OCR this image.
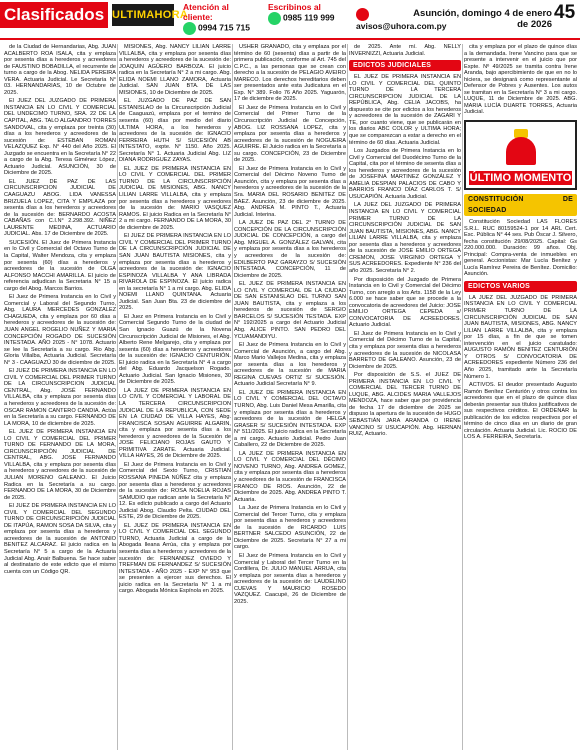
Clasificados ULTIMAHORA
Atención al cliente:
0994 715 715
Escribinos al
0985 119 999
avisos@uhora.com.py
Asunción, domingo 4 de enero de 2026
45

de la Ciudad de Hernandarias, Abg. JUAN ACALBERTO ROA ISALA, cita y emplaza por sesenta días a herederos y acreedores de FAUSTINO BOBADILLA, el recurrente de turno a cargo de la Abog. NELIDA PEREIRA VERA. Actuaria Judicial. Le Secretaría N° 03. HERNANDARIAS, 10 de Octubre de 2025.

El JUEZ DEL JUZGADO DE PRIMERA INSTANCIA EN LO CIVIL Y COMERCIAL DEL UNDECIMO TURNO, SRA. 22 DE LA CAPITAL, ABG. TALO ALGANDRO TORRES SANDOVAL, cita y emplaza por treinta (30) días a los herederos y acreedores de la sucesión de: ESTEBAN ROMAN VELAZQUEZ Exp. N° 440 del Año 2025. El Juzgado se encuentra en la Secretaría N° 22 a cargo de la Abg. Teresa Giménez López, Actuario Judicial. ASUNCIÓN, 30 de Diciembre de 2025.

EL JUEZ DE PAZ DE LAS CIRCUNSCRIPCION JUDICIAL DE CAAGUAZU ABOG. LIDA VANESSA BRIZUELA LOPEZ, CITA Y EMPLAZA por sesenta días a los herederos y acreedores de la sucesión de: BERNARDO ACOSTA CABAÑAS con C.I.N° 2.298.392. NIÑEZ LAURENTE MEDINA, ACTUARIO JUDICIAL. Abs. 17 de Diciembre de 2025.

SUCESIÓN. El Juez de Primera Instancia en lo Civil y Comercial del Octavo Turno de la Capital, Walter Mendoza, cita y emplaza por sesenta (60) días a herederos y acreedores de la sucesión de OLGA ALFONSO MACCHI AMARILLA. El juicio de referencia adjudican la Secretaria N° 15 a cargo del Abog. Marcos Barrios.

El Juez de Primera Instancia en lo Civil y Comercial y Laboral del Segundo Turno, Abg. LAURA MERCEDES GONZALEZ CHAGUEDA, cita y emplaza por 60 días a herederos y acreedores de la sucesión de: JUAN ANGEL ROGELIO NUÑEZ Y MARIA CONCEPCIÓN ROGADO DE SUCESIÓN INTESTADA. AÑO 2025 - N° 1078. Actuario se lee la Secretaría a su cargo. Rio Abg. Gloria Villalba, Actuaria Judicial. Secretaría N° 3 - CAAGUAZÚ 30 de diciembre de 2025.

El JUEZ DE PRIMERA INSTANCIA EN LO CIVIL Y COMERCIAL DEL PRIMER TURNO DE LA CIRCUNSCRIPCION JUDICIAL CENTRAL, Abg. JOSÉ FERNANDO VILLALBA, cita y emplaza por sesenta días a herederos y acreedores de la sucesión de: OSCAR RAMON CANTERO CANDIA. Actúa en la Secretaría a su cargo. FERNANDO DE LA MORA, 10 de diciembre de 2025.

EL JUEZ DE PRIMERA INSTANCIA EN LO CIVIL Y COMERCIAL DEL PRIMER TURNO DE FERNANDO DE LA MORA, CIRCUNSCRIPCIÓN JUDICIAL DE CENTRAL, ABG. JOSE FERNANDO VILLALBA, cita y emplaza por sesenta días a herederos y acreedores de la sucesión de JULIAN MORENO GALEANO. El Juicio Radica en la Secretaría a su cargo. FERNANDO DE LA MORA, 30 de Diciembre de 2025.

El JUEZ DE PRIMERA INSTANCIA EN LO CIVIL Y COMERCIAL DEL SEGUNDO TURNO DE CIRCUNSCRIPCIÓN JUDICIAL DE ITAPÚA, RAMON SOSA DA SILVA, cita y emplaza por sesenta días a herederos y acreedores de la sucesión de ANTONIO BENITEZ ALCARAZ. El juicio radica en la Secretaría N° 5 a cargo de la Actuaria Judicial Abg. Anair Balbuena. Se hace saber al destinatario de este edicto que el mismo cuenta con un Código QR.

MISIONES, Abg. NANCY LILIAN LARRE VILLALBA, cita y emplaza por sesenta días a herederos y acreedores de la sucesión de: JOAQUIN AGÜERO BARBOZA. El juicio radica en la Secretaría N° 2 a mi cargo. Abg. ELIDA NOEMI LLANO ZAMORA, Actuaria Judicial. SAN JUAN BTA. DE LAS MISIONES, 10 de Diciembre de 2025.

EL JUZGADO DE PAZ DE SAN ESTANISLAO de la Circunscripción Judicial de Caaguazú, emplaza por el termino de sesenta (60) días por medio del diario ULTIMA HORA, a los herederos y acreedores de la sucesión de: IGNACIO FERREIRA HUTH S/ SUCESIÓN AB INTESTATO, expte. N° 1150. Año 2025. Secretaría N° 1. Actuaria Judicial Abg. LIZ DIANA RODRIGUEZ ZAYAS.

EL JUEZ DE PRIMERA INSTANCIA EN LO CIVIL Y COMERCIAL DEL PRIMER TURNO DE LA CIRCUNSCRIPCIÓN JUDICIAL DE MISIONES, ABG. NANCY LILIAN LARRE VILLALBA, cita y emplaza por sesenta días a herederos y acreedores de la sucesión de: MARIO VASQUEZ RAMOS. El juicio Radica en la Secretaría N° 2 a mi cargo. FERNANDO DE LA MORA, 30 de diciembre de 2025.

El JUEZ DE PRIMERA INSTANCIA EN LO CIVIL Y COMERCIAL DEL PRIMER TURNO DE LA CIRCUNSCRIPCIÓN JUDICIAL DE SAN JUAN BAUTISTA MISIONES, cita y emplaza por sesenta días a herederos y acreedores de la sucesión de: IGNACIO ESPINOZA VILLALBA Y ANA LIBRADA RIVAROLA DE ESPINOZA. El juicio radica en la secretaría N° 1 a mi cargo. Abg. ELIDA NOEMI LLANO QUINTANA. Actuaria Judicial. San Juan Bta. 23 de diciembre de 2025.

El Juez en Primera Instancia en lo Civil y Comercial Segundo Turno de la ciudad de San Ignacio Guazú de la Novena Circunscripción Judicial de Misiones, el Abg. Alberto Rene Melgarejo, cita y emplaza por sesenta (60) días a herederos y acreedores de la sucesión de: IGNACIO CENTURIÓN. El juicio radica en la Secretaría N° 4 a cargo del Abg. Eduardo Jacquelson Rogado. Actuario Judicial. San Ignacio Misiones, 30 de Diciembre de 2025.

LA JUEZ DE PRIMERA INSTANCIA EN LO CIVIL Y COMERCIAL Y LABORAL DE LA TERCERA CIRCUNSCRIPCION JUDICIAL DE LA REPUBLICA, CON SEDE EN LA CIUDAD DE VILLA HAYES, Abg. FRANCISCA SOSAN AGUIRRE ALGARIN, cita y emplaza por sesenta días a los herederos y acreedores de la Sucesión de JOSE FELICIANO ROJAS GAUTO Y PRIMITIVA ZARATE. Actuaria Judicial. VILLA HAYES, 26 de Diciembre de 2025.

El Juez de Primera Instancia en lo Civil y Comercial del Sexto Turno, CRISTIAN ROSSANA PINEDA NÚÑEZ cita y emplaza por sesenta días a herederos y acreedores de la sucesión de: ROSA NOELIA ROJAS SAMUDIO que radican ante la Secretaría N° 12. Es edicto publicado a cargo del Actuario Judicial Abog. Claudio Pelta. CIUDAD DEL ESTE, 29 de Diciembre de 2025.

EL JUEZ DE PRIMERA INSTANCIA EN LO CIVIL Y COMERCIAL DEL SEGUNDO TURNO, Actuaria Judicial a cargo de la Abogada Ileana Arrúa, cita y emplaza por sesenta días a herederos y acreedores de la sucesión de: FERNANDEZ OVIEDO Y TREFMAN DE FERNANDEZ S/ SUCESIÓN INTESTADA - AÑO 2025 - EXP N° 953 que se presenten a ejercer sus derechos. El juicio radica en la Secretaría N° 1 a mi cargo. Abogada Mónica Espínola en 2025.

USHER GRANADO, cita y emplaza por el término de 60 (sesenta) días a partir de la primera publicación, conforme al Art. 745 del C.P.C., a las personas que se crean con derecho a la sucesión de PELAGIO AVEIRO MARECO. Los derechos hereditarios deben ser presentados ante esta Judicatura en el Exp. N° 389. Folio 76 Año 2025. Yaguarón, 17 de diciembre de 2025.

El Juez de Primera Instancia en lo Civil y Comercial del Primer Turno de la Circunscripción Judicial de Concepción, ABOG. LIZ ROSSANA LOPEZ, cita y emplaza por sesenta días a herederos y acreedores de la sucesión de NOGUEIRA AGUIRRE. El Juicio radica en la Secretaría a su cargo. CONCEPCIÓN, 23 de Diciembre de 2025.

El Juez de Primera Instancia en lo Civil y Comercial del Décimo Noveno Turno de Asunción, cita y emplaza por sesenta días a herederos y acreedores de la sucesión de la Sra. MARIA DEL ROSARIO BENITEZ DE BAEZ. Asunción, 23 de diciembre de 2025. Abg. ANDREA M. PINTO T., Actuaria Judicial. Interina.

LA JUEZ DE PAZ DEL 2° TURNO DE CONCEPCIÓN DE LA CIRCUNSCRIPCIÓN JUDICIAL DE CONCEPCIÓN, a cargo del Abg. MIGUEL A. GONZÁLEZ GALVAN, cita y emplaza por sesenta días a los herederos y acreedores de la sucesión de: EDILBERTO PAZ GARAYZO S/ SUCESIÓN INTESTADA. CONCEPCIÓN, 11 de Diciembre de 2025.

EL JUEZ DE PRIMERA INSTANCIA EN LO CIVIL Y COMERCIAL DE LA CIUDAD DE SAN ESTANISLAO DEL TURNO SAN JUAN BAUTISTA, cita y emplaza a los herederos de sucesión de SERGIO BARCELOS S/ SUCESIÓN TESTADA. EXP N° 192/2025 a cargo del Actuario Judicial Abg. ALICE PINTO. SAN PEDRO DEL YCUAMANDIYU.

El Juez de Primera Instancia en lo Civil y Comercial de Asunción, a cargo del Abg. Marco Mario Vallejos Medina, cita y emplaza por sesenta días a los herederos y acreedores de la sucesión de MARIA REGINA CUEVAS ORTIZ S/ SUCESIÓN. Actuario Judicial Secretaría N° 9.

EL JUEZ DE PRIMERA INSTANCIA EN LO CIVIL Y COMERCIAL DEL OCTAVO TURNO, Abg. Luis Daniel Mesa Amarilla, cita y emplaza por sesenta días a herederos y acreedores de la sucesión de HELGA GRASER S/ SUCESIÓN INTESTADA. EXP N° 511/2025. El juicio radica en la Secretaría a mi cargo. Actuario Judicial. Pedro Juan Caballero, 22 de Diciembre de 2025.

LA JUEZ DE PRIMERA INSTANCIA EN LO CIVIL Y COMERCIAL DEL DÉCIMO NOVENO TURNO, Abg. ANDREA GOMEZ, cita y emplaza por sesenta días a herederos y acreedores de la sucesión de FRANCISCA FRANCO DE RIOS. Asunción, 22 de Diciembre de 2025. Abg. ANDREA PINTO T. Actuaria.

La Juez de Primera Instancia en lo Civil y Comercial del Tercer Turno, cita y emplaza por sesenta días a herederos y acreedores de la sucesión de RICARDO LUIS BERTNER SALCEDO ASUNCIÓN, 22 de Diciembre de 2025. Secretaría N° 27 a mi cargo.

El Juez de Primera Instancia en lo Civil y Comercial y Laboral del Tercer Turno en la Cordillera, Dr. JULIO MANUEL ARRUA, cita y emplaza por sesenta días a herederos y acreedores de la sucesión de: LAUDELINO CUEVAS Y MAURICIO ROSEDO VAZQUEZ. Caacupé, 26 de Diciembre de 2025.

de 2025. Ante mí. Abg. NELLY INVERNIZZI, Actuaria Judicial.

EDICTOS JUDICIALES

EL JUEZ DE PRIMERA INSTANCIA EN LO CIVIL Y COMERCIAL DEL QUINTO TURNO DE LA TERCERA CIRCUNSCRIPCION JUDICIAL DE LA REPÚBLICA, Abg. CELIA JACOBS, ha dispuesto se cite por edictos a los herederos y acreedores de la sucesión de ZAGARI Y TE, por cuanto viene, que se publicarán en los diarios ABC COLOR y ULTIMA HORA; que se comparezcan a estar a derecho en el término de 60 días. Actuaria Judicial.

Los Juzgados de Primera Instancia en lo Civil y Comercial del Duodécimo Turno de la Capital, cita por el término de sesenta días a los herederos y acreedores de la sucesión de JOSEFINA MARTINEZ GONZÁLEZ Y AMELIA DESPIAN PALACIOS DE CABO Y BARRIOS FRANCO DÍAZ CARLOS T. S/ USUCAPIÓN. Actuaria Judicial.

LA JUEZ DEL JUZGADO DE PRIMERA INSTANCIA EN LO CIVIL Y COMERCIAL PRIMER TURNO DE LA CIRCUNSCRIPCIÓN JUDICIAL DE SAN JUAN BAUTISTA, MISIONES, ABG. NANCY LILIAN LARRE VILLALBA, cita y emplaza por sesenta días a herederos y acreedores de la sucesión de JOSE EMILIO ORTEGA CREMON, JOSE VIRGINIO ORTEGA Y SUS ACREEDORES. Expediente N° 236 del año 2025. Secretaría N° 2.

Por disposición del Juzgado de Primera Instancia en lo Civil y Comercial del Décimo Turno, con arreglo a los Arts. 1158 de la Ley 6.000 se hace saber que se procede a la convocatoria de acreedores del Juicio: JOSE EMILIO ORTEGA CEPEDA s/ CONVOCATORIA DE ACREEDORES. Actuario Judicial.

El Juez de Primera Instancia en lo Civil y Comercial del Décimo Turno de la Capital, cita y emplaza por sesenta días a herederos y acreedores de la sucesión de NICOLASA BARRETO DE GALEANO. Asunción, 23 de Diciembre de 2025.

Por disposición de S.S. el JUEZ DE PRIMERA INSTANCIA EN LO CIVIL Y COMERCIAL DEL TERCER TURNO DE LUQUE, ABG. ALCIDES MARIA VALLEJOS MENDOZA, hace saber que por providencia de fecha 17 de diciembre de 2025 se dispuso la apertura de la sucesión de HUGO SEBASTIÁN JARA ARANDA O IRENE VANCINO S/ USUCAPIÓN. Abg. HERNAN RUIZ, Actuario.

cita y emplaza por el plazo de quince días a la demandada. Irene Vancino para que se presente a intervenir en el juicio que por Expte. Nº 49/2025 se tramita contra Irene Aranda, bajo apercibimiento de que en no lo hiciera, se designará como representante al Defensor de Pobres y Ausentes. Los autos se tramitan en la Secretaría N° 3 a mi cargo. LUQUE, 11 de Diciembre de 2025. ABG. MARIA LUCÍA DUARTE TORRES, Actuaria Judicial.

ÚLTIMO MOMENTO
CONSTITUCIÓN DE SOCIEDAD

Constitución Sociedad LAS FLORES S.R.L. RUC 80159524-1 por 14 ARL Cert. Esc. Pública N° 44 ses. Pub Óscar J. Silvero, fecha constitución 29/08/2025. Capital: Gs 220.000.000. Duración: 99 años. Obj. Principal: Compra-venta de inmuebles en general. Accionistas: Mar Lucía Benítez y Lucía Ramírez Pereira de Benítez. Domicilio: Asunción.

EDICTOS VARIOS

LA JUEZ DEL JUZGADO DE PRIMERA INSTANCIA EN LO CIVIL Y COMERCIAL PRIMER TURNO DE LA CIRCUNSCRIPCIÓN JUDICIAL DE SAN JUAN BAUTISTA, MISIONES, ABG. NANCY LILIAN LARRE VILLALBA, cita y emplaza por 15 días, a fin de que se tomen intervención en el juicio caratulado: AUGUSTO RAMÓN BENITEZ CENTURIÓN Y OTROS S/ CONVOCATORIA DE ACREEDORES expediente Número 236 del Año 2025, tramitado ante la Secretaría Número 1.

ACTIVOS. El deudor presentado Augusto Ramón Benítez Centurión y otros contra los acreedores que en el plazo de quince días deberán presentar sus títulos justificativos de sus respectivos créditos. El ORDENAR la publicación de los edictos respectivos por el término de cinco días en un diario de gran circulación. Actuaria Judicial. Lic. ROCIO DE LOS A. FERREIRA, Secretaría.
